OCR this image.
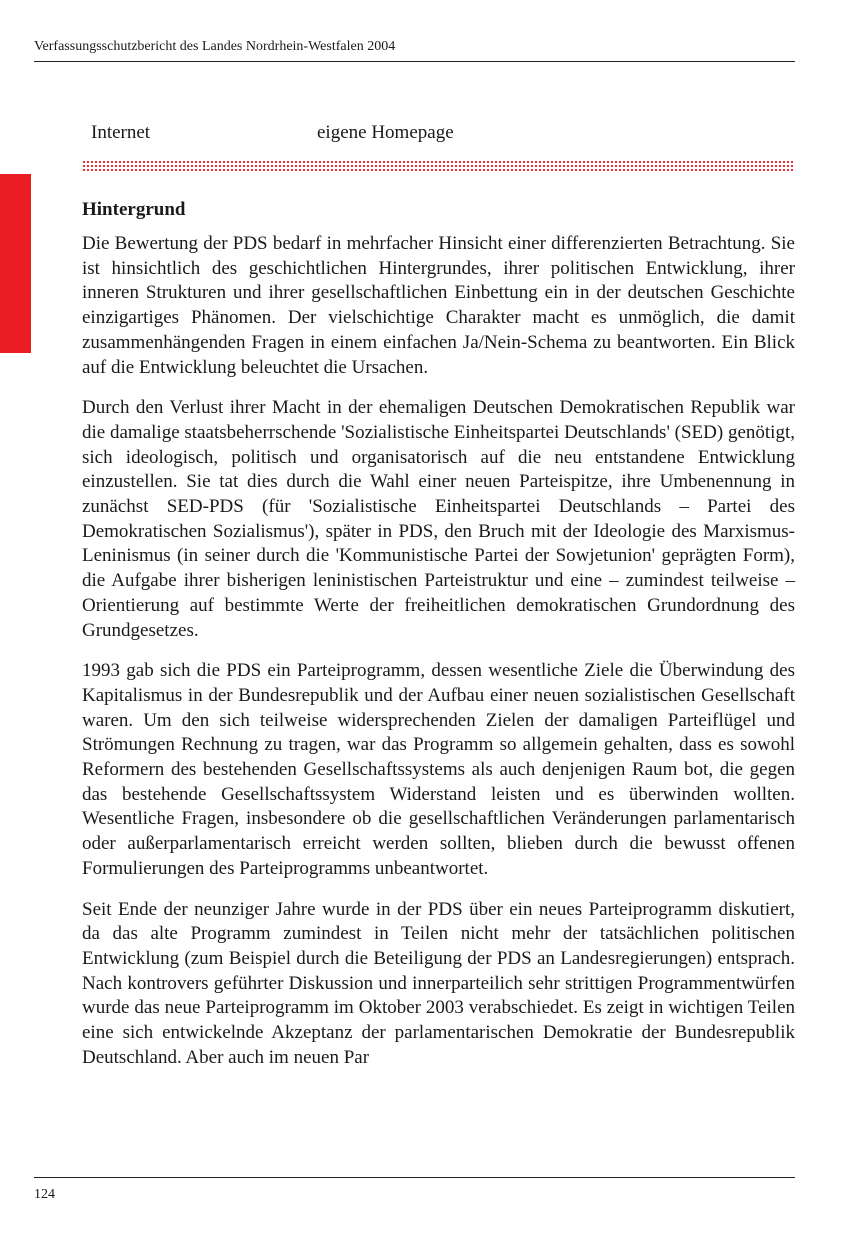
Verfassungsschutzbericht des Landes Nordrhein-Westfalen 2004
Internet	eigene Homepage
Hintergrund

Die Bewertung der PDS bedarf in mehrfacher Hinsicht einer differenzierten Betrachtung. Sie ist hinsichtlich des geschichtlichen Hintergrundes, ihrer politischen Entwicklung, ihrer inneren Strukturen und ihrer gesellschaftlichen Einbettung ein in der deutschen Geschichte einzigartiges Phänomen. Der vielschichtige Charakter macht es unmöglich, die damit zusammenhängenden Fragen in einem einfachen Ja/Nein-Schema zu beantworten. Ein Blick auf die Entwicklung beleuchtet die Ursachen.

Durch den Verlust ihrer Macht in der ehemaligen Deutschen Demokratischen Republik war die damalige staatsbeherrschende 'Sozialistische Einheitspartei Deutschlands' (SED) genötigt, sich ideologisch, politisch und organisatorisch auf die neu entstandene Entwicklung einzustellen. Sie tat dies durch die Wahl einer neuen Parteispitze, ihre Umbenennung in zunächst SED-PDS (für 'Sozialistische Einheitspartei Deutschlands – Partei des Demokratischen Sozialismus'), später in PDS, den Bruch mit der Ideologie des Marxismus-Leninismus (in seiner durch die 'Kommunistische Partei der Sowjetunion' geprägten Form), die Aufgabe ihrer bisherigen leninistischen Parteistruktur und eine – zumindest teilweise – Orientierung auf bestimmte Werte der freiheitlichen demokratischen Grundordnung des Grundgesetzes.

1993 gab sich die PDS ein Parteiprogramm, dessen wesentliche Ziele die Überwindung des Kapitalismus in der Bundesrepublik und der Aufbau einer neuen sozialistischen Gesellschaft waren. Um den sich teilweise widersprechenden Zielen der damaligen Parteiflügel und Strömungen Rechnung zu tragen, war das Programm so allgemein gehalten, dass es sowohl Reformern des bestehenden Gesellschaftssystems als auch denjenigen Raum bot, die gegen das bestehende Gesellschaftssystem Widerstand leisten und es überwinden wollten. Wesentliche Fragen, insbesondere ob die gesellschaftlichen Veränderungen parlamentarisch oder außerparlamentarisch erreicht werden sollten, blieben durch die bewusst offenen Formulierungen des Parteiprogramms unbeantwortet.

Seit Ende der neunziger Jahre wurde in der PDS über ein neues Parteiprogramm diskutiert, da das alte Programm zumindest in Teilen nicht mehr der tatsächlichen politischen Entwicklung (zum Beispiel durch die Beteiligung der PDS an Landesregierungen) entsprach. Nach kontrovers geführter Diskussion und innerparteilich sehr strittigen Programmentwürfen wurde das neue Parteiprogramm im Oktober 2003 verabschiedet. Es zeigt in wichtigen Teilen eine sich entwickelnde Akzeptanz der parlamentarischen Demokratie der Bundesrepublik Deutschland. Aber auch im neuen Par

124
